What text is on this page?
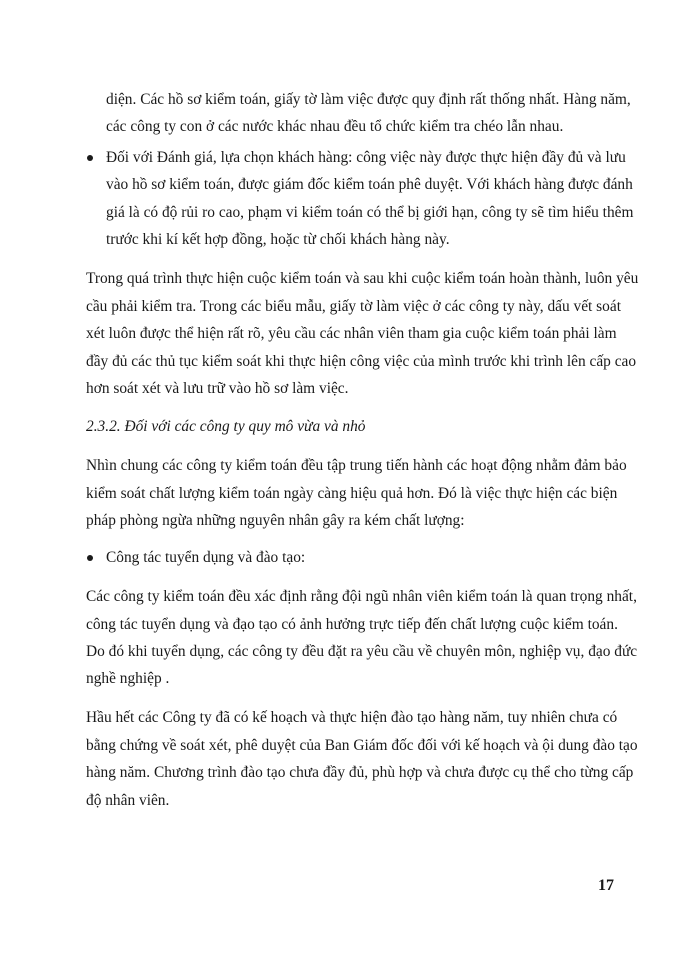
diện. Các hồ sơ kiểm toán, giấy tờ làm việc được quy định rất thống nhất. Hàng năm,
các công ty con ở các nước khác nhau đều tổ chức kiểm tra chéo lẫn nhau.
Đối với Đánh giá, lựa chọn khách hàng: công việc này được thực hiện đầy đủ và lưu
vào hồ sơ kiểm toán, được giám đốc kiểm toán phê duyệt. Với khách hàng được đánh
giá là có độ rủi ro cao, phạm vi kiểm toán có thể bị giới hạn, công ty sẽ tìm hiểu thêm
trước khi kí kết hợp đồng, hoặc từ chối khách hàng này.
Trong quá trình thực hiện cuộc kiểm toán và sau khi cuộc kiểm toán hoàn thành, luôn yêu
cầu phải kiểm tra. Trong các biểu mẫu, giấy tờ làm việc ở các công ty này, dấu vết soát
xét luôn được thể hiện rất rõ, yêu cầu các nhân viên tham gia cuộc kiểm toán phải làm
đầy đủ các thủ tục kiểm soát khi thực hiện công việc của mình trước khi trình lên cấp cao
hơn soát xét và lưu trữ vào hồ sơ làm việc.
2.3.2. Đối với các công ty quy mô vừa và nhỏ
Nhìn chung các công ty kiểm toán đều tập trung tiến hành các hoạt động nhằm đảm bảo
kiểm soát chất lượng kiểm toán ngày càng hiệu quả hơn. Đó là việc thực hiện các biện
pháp phòng ngừa những nguyên nhân gây ra kém chất lượng:
Công tác tuyển dụng và đào tạo:
Các công ty kiểm toán đều xác định rằng đội ngũ nhân viên kiểm toán là quan trọng nhất,
công tác tuyển dụng và đạo tạo có ảnh hưởng trực tiếp đến chất lượng cuộc kiểm toán.
Do đó khi tuyển dụng, các công ty đều đặt ra yêu cầu về chuyên môn, nghiệp vụ, đạo đức
nghề nghiệp .
Hầu hết các Công ty đã có kế hoạch và thực hiện đào tạo hàng năm, tuy nhiên chưa có
bằng chứng về soát xét, phê duyệt của Ban Giám đốc đối với kế hoạch và ội dung đào tạo
hàng năm. Chương trình đào tạo chưa đầy đủ, phù hợp và chưa được cụ thể cho từng cấp
độ nhân viên.
17
